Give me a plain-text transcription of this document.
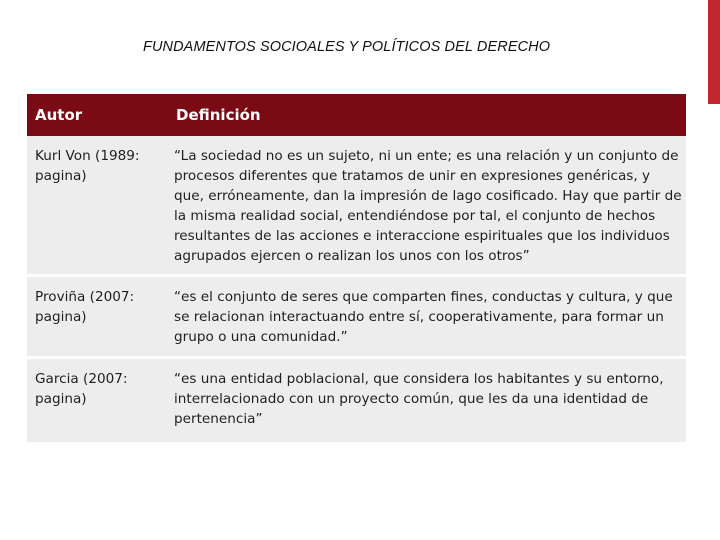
FUNDAMENTOS SOCIOALES Y POLÍTICOS DEL DERECHO
Autor	Definición
Kurl Von (1989: pagina)	“La sociedad no es un sujeto, ni un ente; es una relación y un conjunto de procesos diferentes que tratamos de unir en expresiones genéricas, y que, erróneamente, dan la impresión de lago cosificado. Hay que partir de la misma realidad social, entendiéndose por tal, el conjunto de hechos resultantes de las acciones e interaccione espirituales que los individuos agrupados ejercen o realizan los unos con los otros”
Proviña (2007: pagina)	“es el conjunto de seres que comparten fines, conductas y cultura, y que se relacionan interactuando entre sí, cooperativamente, para formar un grupo o una comunidad.”
Garcia (2007: pagina)	“es una entidad poblacional, que considera los habitantes y su entorno, interrelacionado con un proyecto común, que les da una identidad de pertenencia”
